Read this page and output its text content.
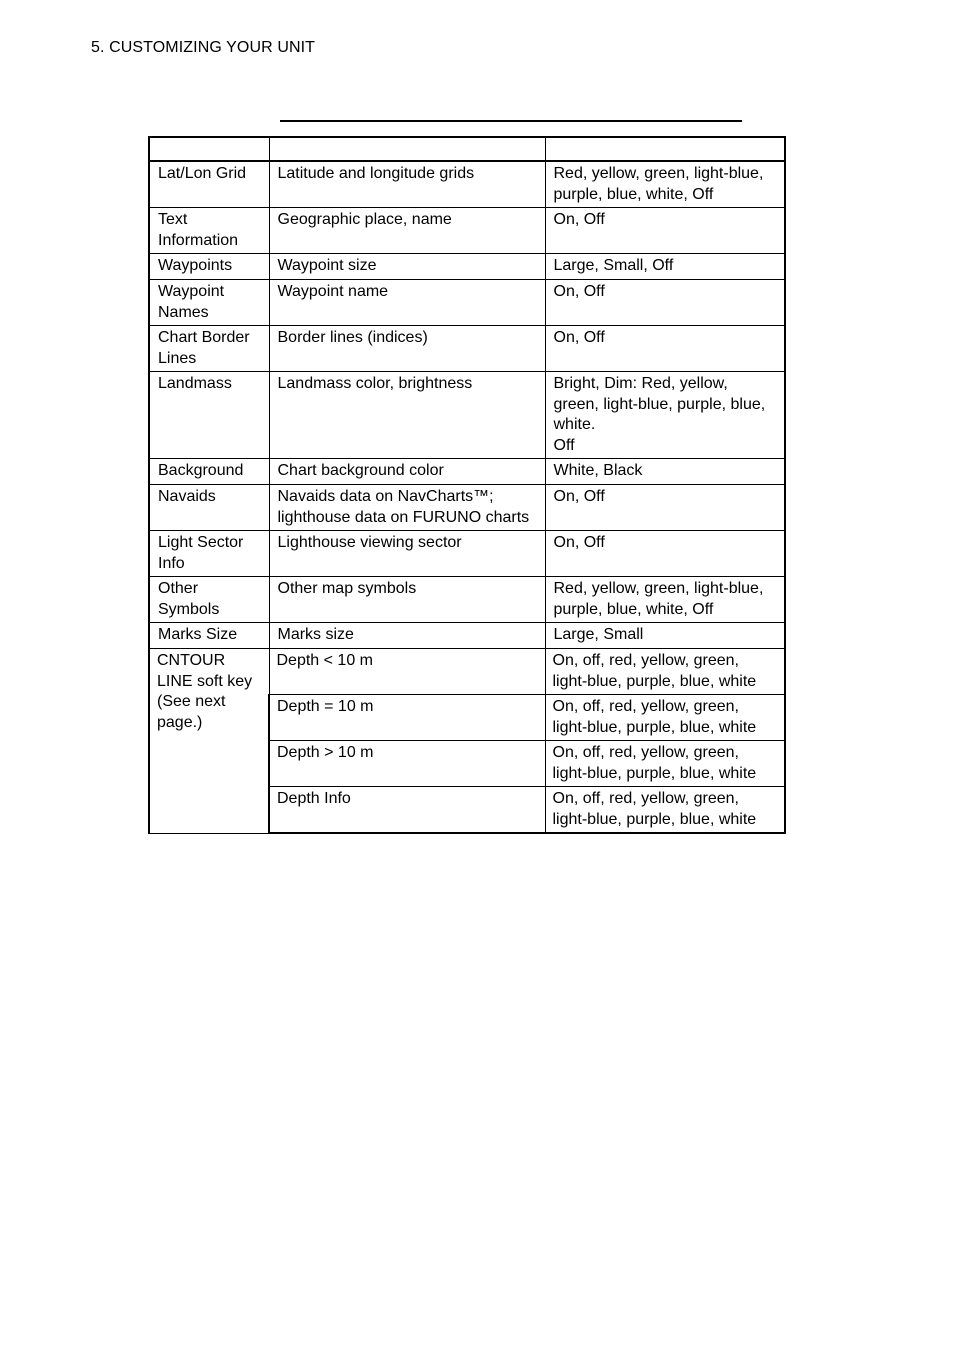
5. CUSTOMIZING YOUR UNIT

Lat/Lon Grid	Latitude and longitude grids	Red, yellow, green, light-blue, purple, blue, white, Off
Text Information	Geographic place, name	On, Off
Waypoints	Waypoint size	Large, Small, Off
Waypoint Names	Waypoint name	On, Off
Chart Border Lines	Border lines (indices)	On, Off
Landmass	Landmass color, brightness	Bright, Dim: Red, yellow, green, light-blue, purple, blue, white.
Off

Background	Chart background color	White, Black
Navaids	Navaids data on NavCharts™; lighthouse data on FURUNO charts	On, Off
Light Sector Info	Lighthouse viewing sector	On, Off
Other Symbols	Other map symbols	Red, yellow, green, light-blue, purple, blue, white, Off
Marks Size	Marks size	Large, Small
CNTOUR LINE soft key (See next page.)	Depth < 10 m	On, off, red, yellow, green, light-blue, purple, blue, white
	Depth = 10 m	On, off, red, yellow, green, light-blue, purple, blue, white
	Depth > 10 m	On, off, red, yellow, green, light-blue, purple, blue, white
	Depth Info	On, off, red, yellow, green, light-blue, purple, blue, white
